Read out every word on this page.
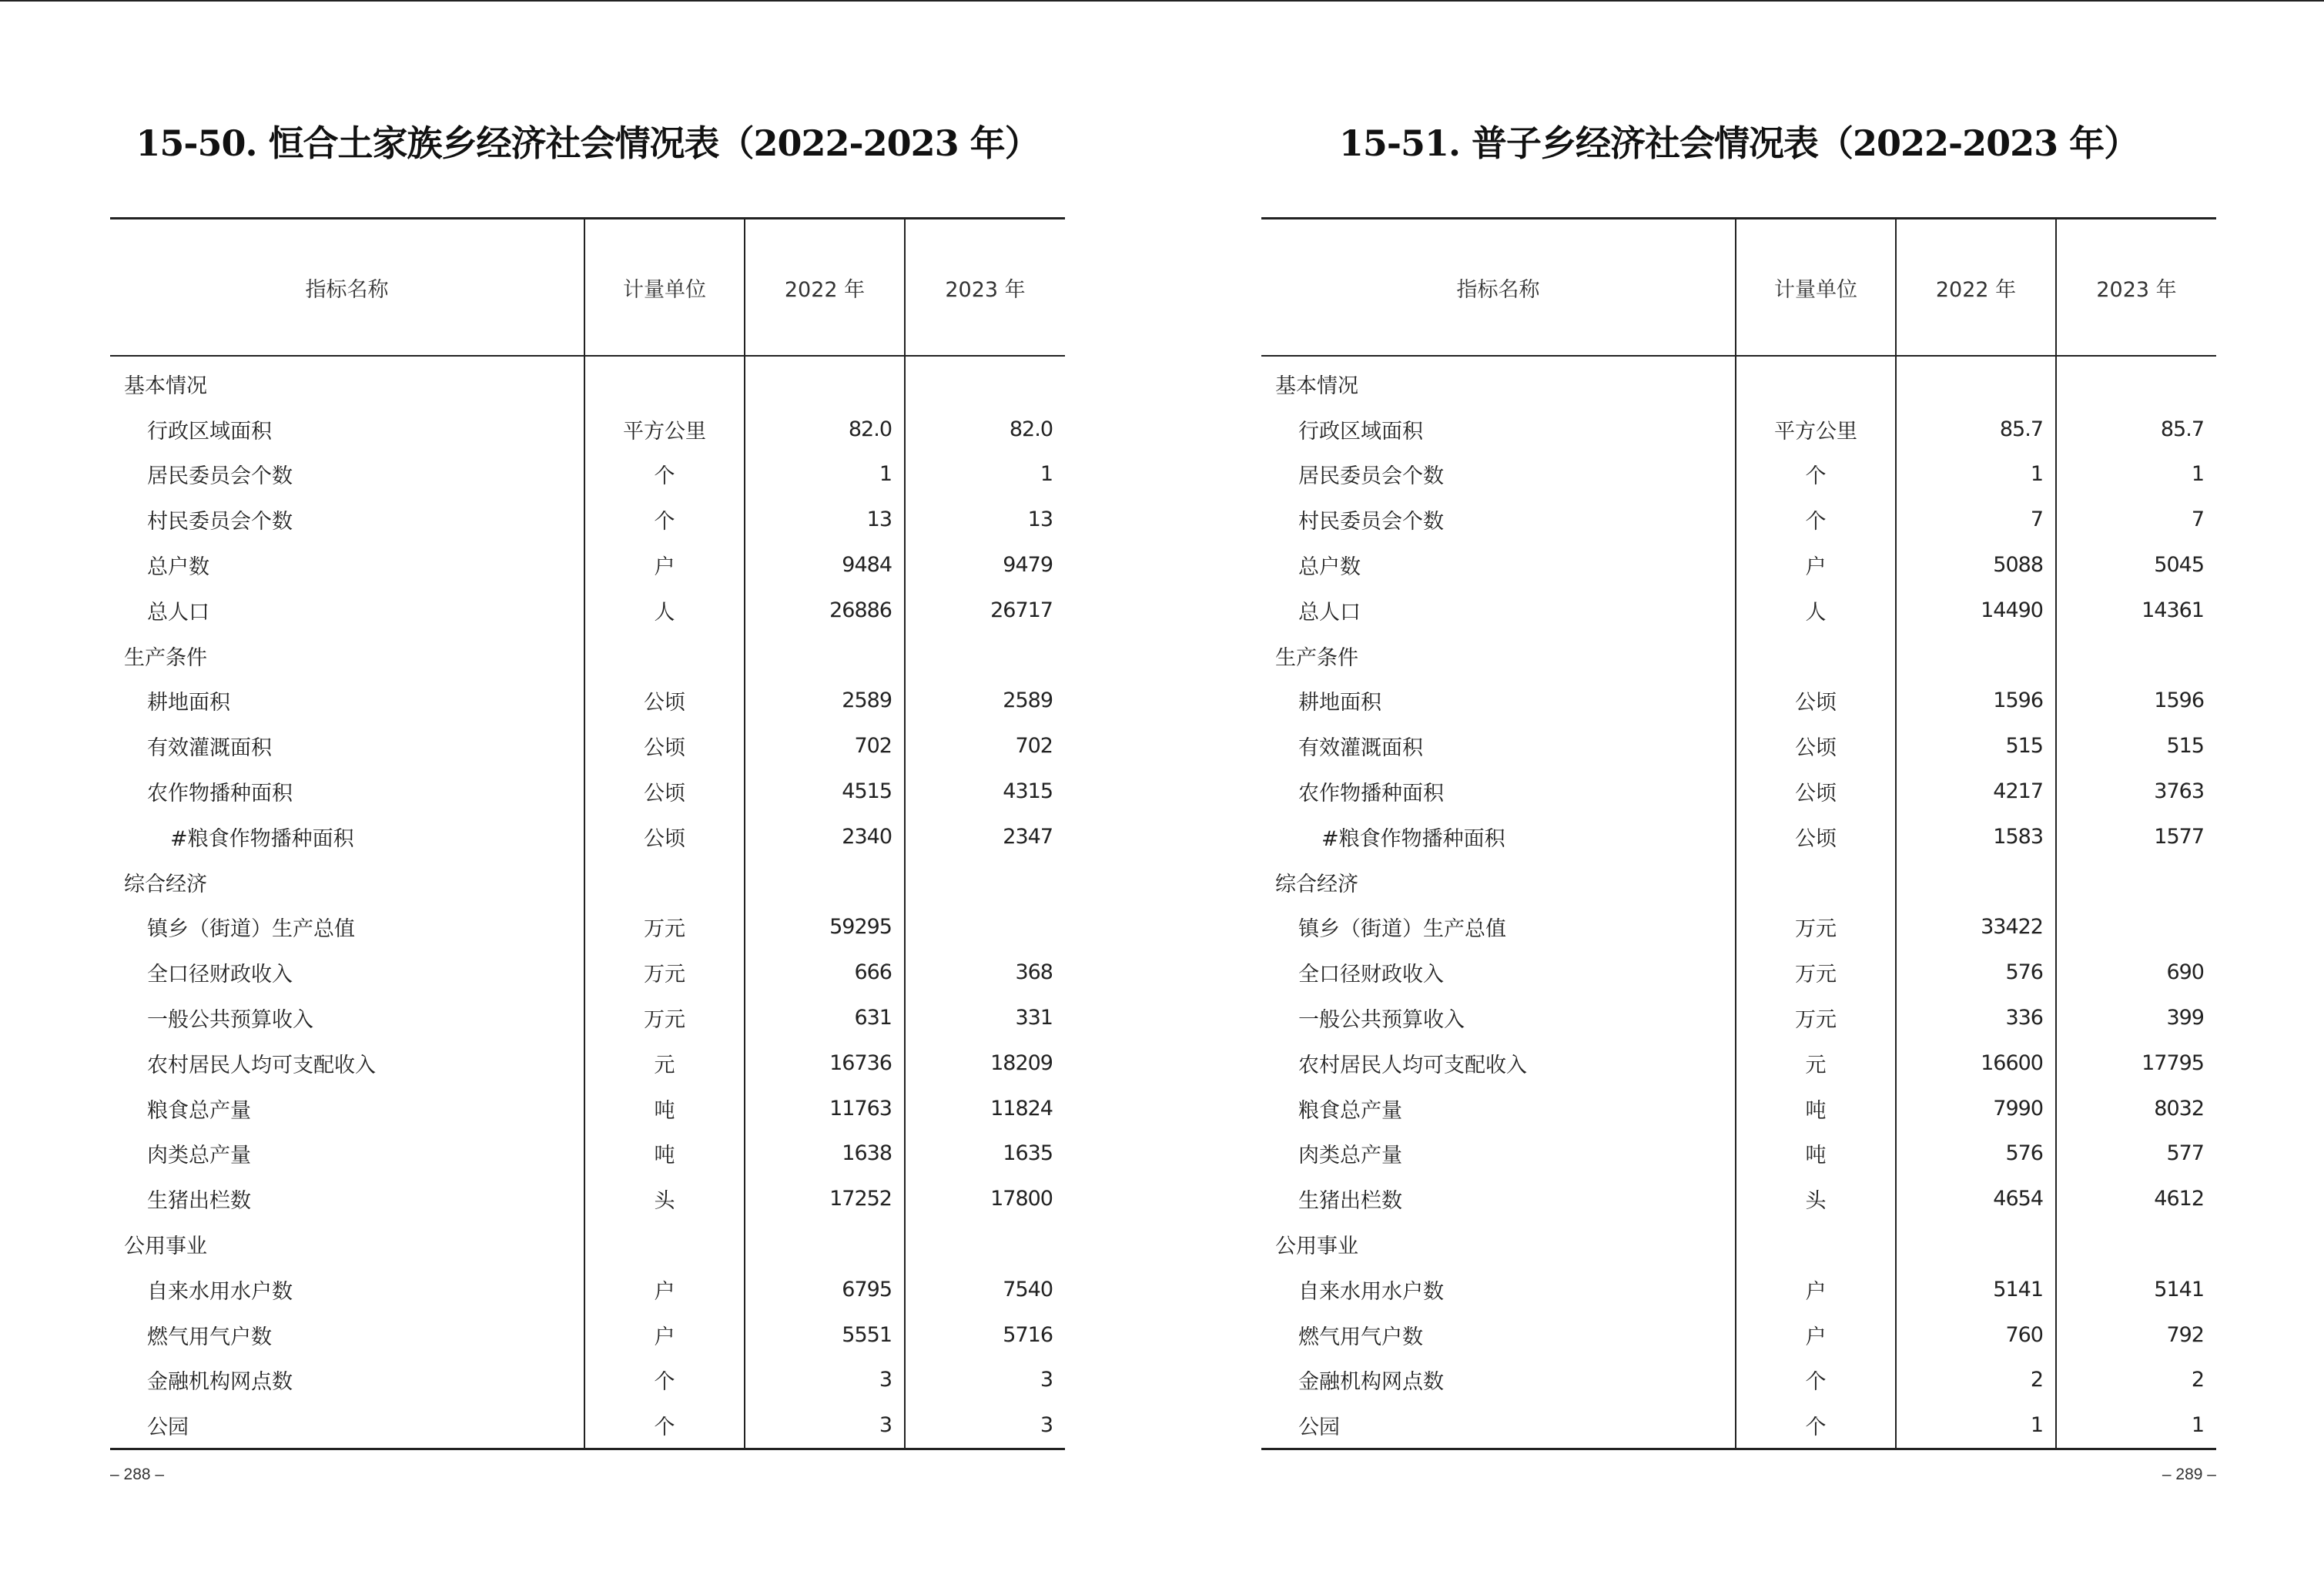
15-50. 恒合土家族乡经济社会情况表（2022-2023 年）
指标名称	计量单位	2022 年	2023 年
基本情况			
行政区域面积	平方公里	82.0	82.0
居民委员会个数	个	1	1
村民委员会个数	个	13	13
总户数	户	9484	9479
总人口	人	26886	26717
生产条件			
耕地面积	公顷	2589	2589
有效灌溉面积	公顷	702	702
农作物播种面积	公顷	4515	4315
#粮食作物播种面积	公顷	2340	2347
综合经济			
镇乡（街道）生产总值	万元	59295	
全口径财政收入	万元	666	368
一般公共预算收入	万元	631	331
农村居民人均可支配收入	元	16736	18209
粮食总产量	吨	11763	11824
肉类总产量	吨	1638	1635
生猪出栏数	头	17252	17800
公用事业			
自来水用水户数	户	6795	7540
燃气用气户数	户	5551	5716
金融机构网点数	个	3	3
公园	个	3	3
– 288 –
15-51. 普子乡经济社会情况表（2022-2023 年）
指标名称	计量单位	2022 年	2023 年
基本情况			
行政区域面积	平方公里	85.7	85.7
居民委员会个数	个	1	1
村民委员会个数	个	7	7
总户数	户	5088	5045
总人口	人	14490	14361
生产条件			
耕地面积	公顷	1596	1596
有效灌溉面积	公顷	515	515
农作物播种面积	公顷	4217	3763
#粮食作物播种面积	公顷	1583	1577
综合经济			
镇乡（街道）生产总值	万元	33422	
全口径财政收入	万元	576	690
一般公共预算收入	万元	336	399
农村居民人均可支配收入	元	16600	17795
粮食总产量	吨	7990	8032
肉类总产量	吨	576	577
生猪出栏数	头	4654	4612
公用事业			
自来水用水户数	户	5141	5141
燃气用气户数	户	760	792
金融机构网点数	个	2	2
公园	个	1	1
– 289 –
